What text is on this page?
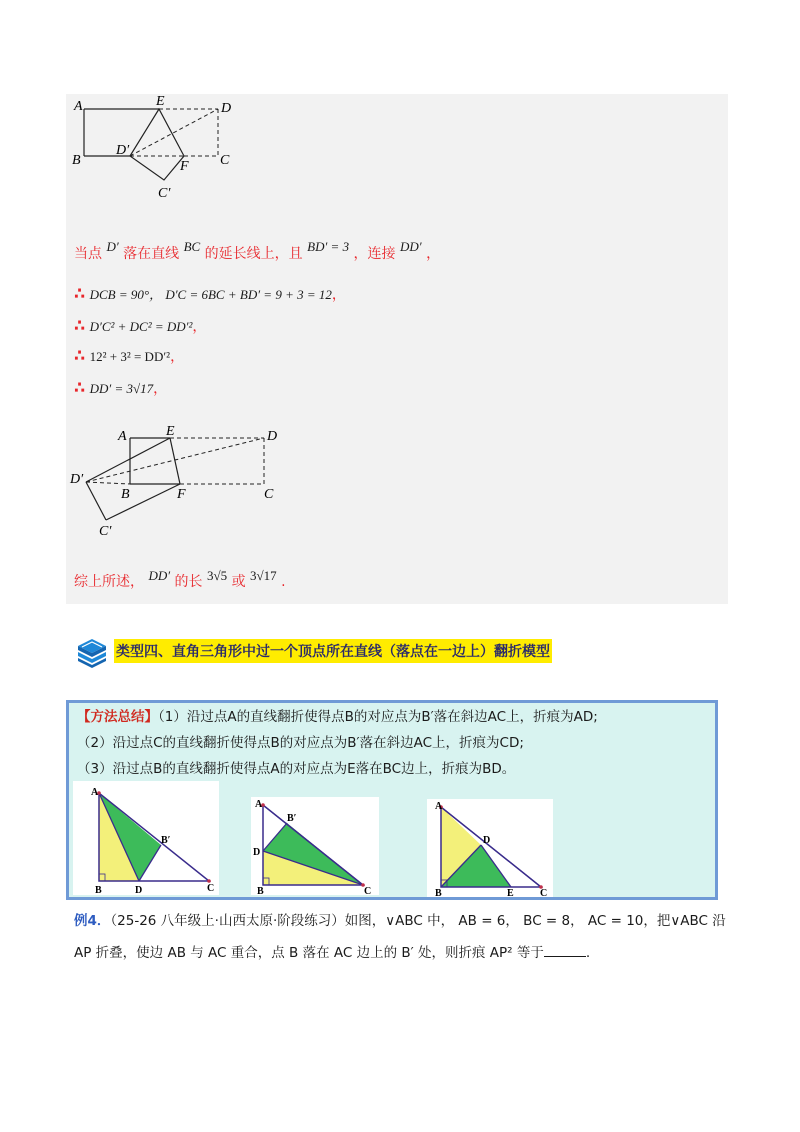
A	E	D
B
D′
F C
C′
当点 D′ 落在直线 BC 的延长线上，且 BD′ = 3 ，连接 DD′ ，
∴ DCB = 90°， D′C = 6BC + BD′ = 9 + 3 = 12，
∴ D′C² + DC² = DD′²，
∴ 12² + 3² = DD′²，
∴ DD′ = 3√17，
A	E	D
D′
B	F	C
C′
综上所述， DD′ 的长 3√5 或 3√17 .
类型四、直角三角形中过一个顶点所在直线（落点在一边上）翻折模型
【方法总结】（1）沿过点A的直线翻折使得点B的对应点为B′落在斜边AC上，折痕为AD;
（2）沿过点C的直线翻折使得点B的对应点为B′落在斜边AC上，折痕为CD;
（3）沿过点B的直线翻折使得点A的对应点为E落在BC边上，折痕为BD。
A
B′
B	D	C
A
B′
D
B	C
A
D
B	E	C
例4．（25-26 八年级上·山西太原·阶段练习）如图，∨ABC 中， AB = 6， BC = 8， AC = 10，把∨ABC 沿
AP 折叠，使边 AB 与 AC 重合，点 B 落在 AC 边上的 B′ 处，则折痕 AP² 等于	.
